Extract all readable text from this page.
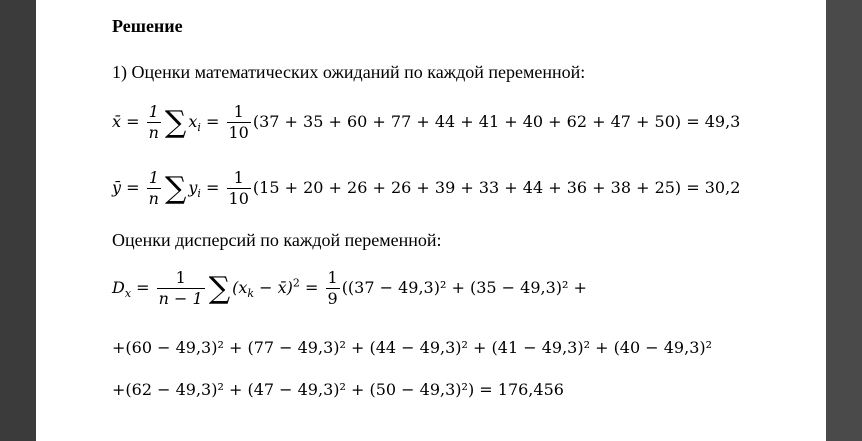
Решение
1) Оценки математических ожиданий по каждой переменной:
x̄ = $\frac{1}{n}$ ∑ $x_i = \frac{1}{10} (37 + 35 + 60 + 77 + 44 + 41 + 40 + 62 + 47 + 50) = 49,3$
ȳ = $\frac{1}{n}$ ∑ $y_i = \frac{1}{10} (15 + 20 + 26 + 26 + 39 + 33 + 44 + 36 + 38 + 25) = 30,2$
Оценки дисперсий по каждой переменной:
$D_x = \frac{1}{n - 1}$ ∑ ($x_k$ − x̄)$^2$ = $\frac{1}{9} ((37 - 49,3)^2 + (35 - 49,3)^2$ +
+(60 − 49,3)² + (77 − 49,3)² + (44 − 49,3)² + (41 − 49,3)² + (40 − 49,3)²
+(62 − 49,3)² + (47 − 49,3)² + (50 − 49,3)²) = 176,456
